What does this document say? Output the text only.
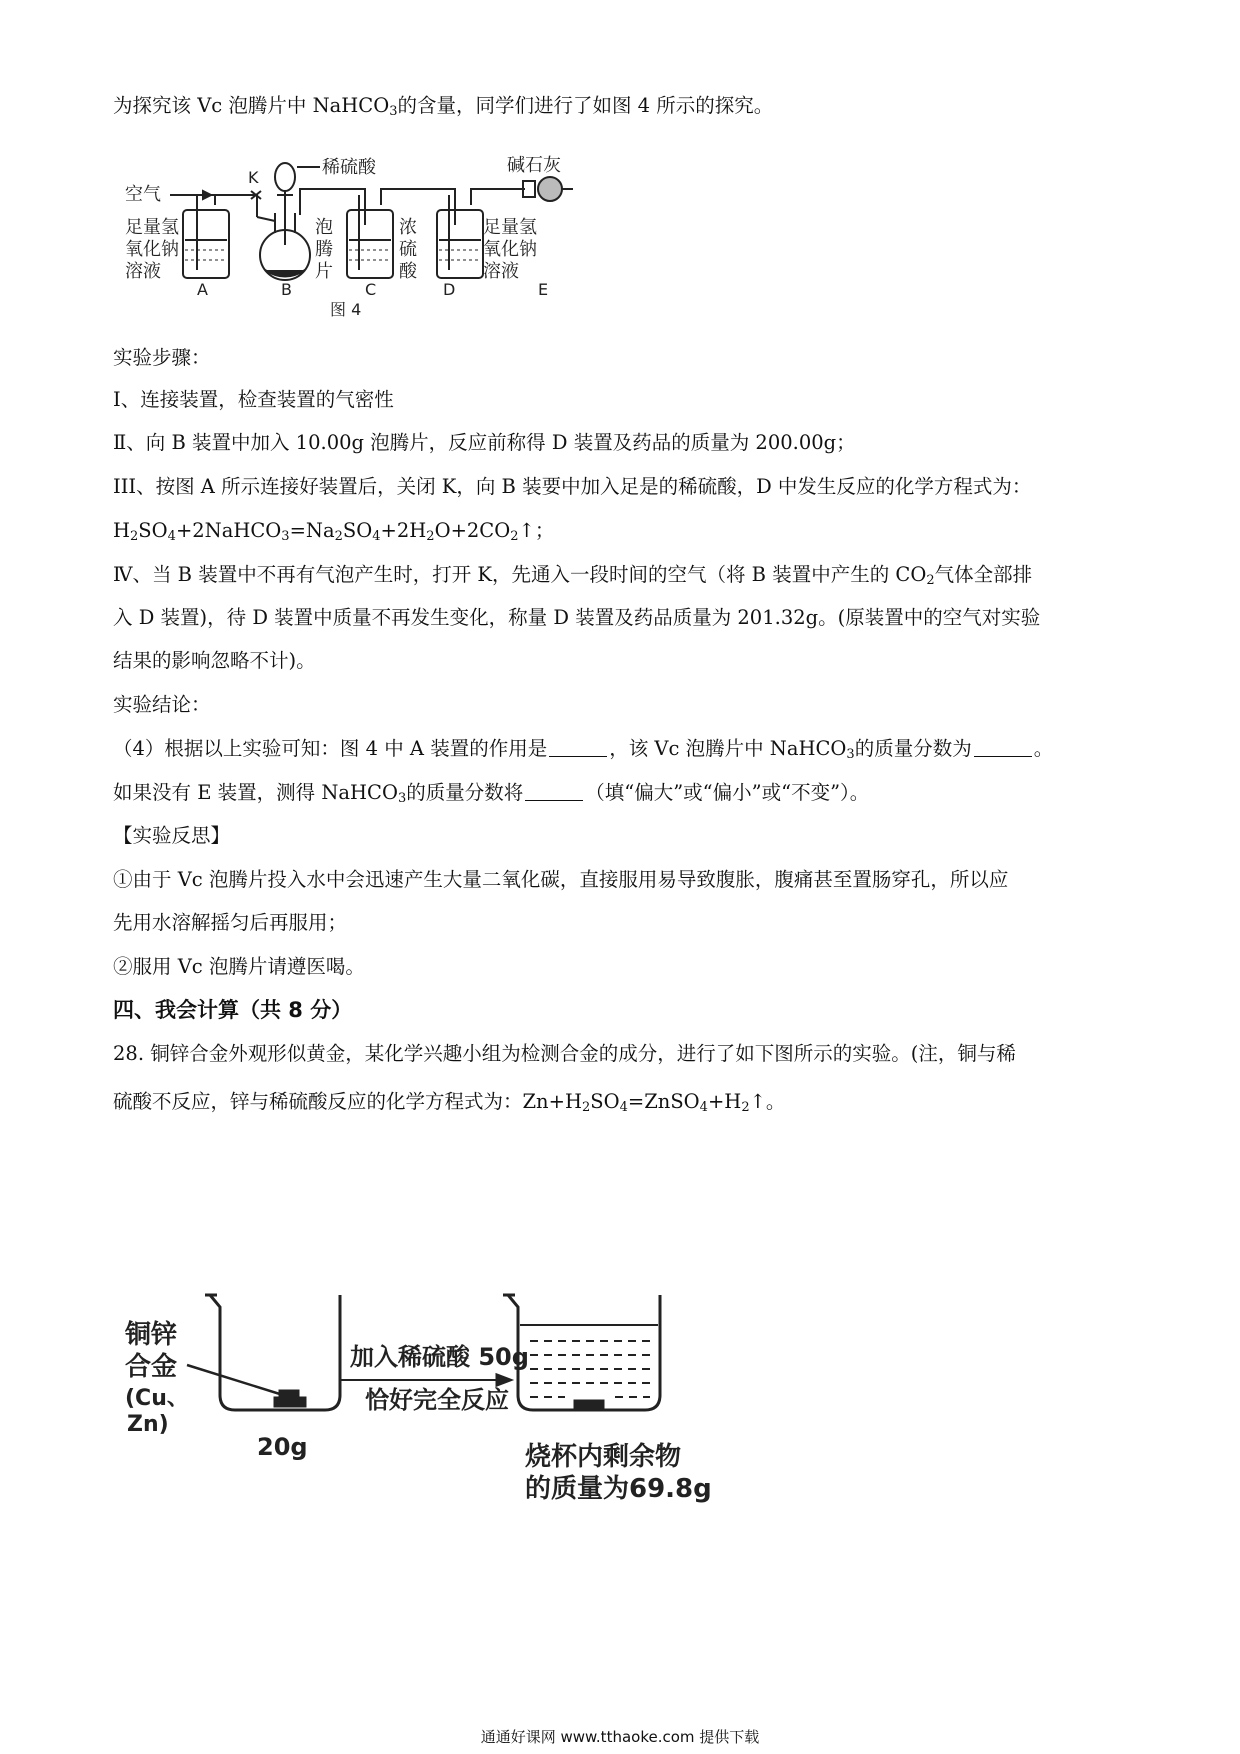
为探究该 Vc 泡腾片中 NaHCO$_3$的含量，同学们进行了如图 4 所示的探究。
空气
K	稀硫酸	碱石灰
足量氢
氧化钠
溶液
泡
腾
片
浓
硫
酸
足量氢
氧化钠
溶液
A	B	C	D	E
图 4
实验步骤：
Ⅰ、连接装置，检查装置的气密性
Ⅱ、向 B 装置中加入 10.00g 泡腾片，反应前称得 D 装置及药品的质量为 200.00g；
III、按图 A 所示连接好装置后，关闭 K，向 B 装要中加入足是的稀硫酸，D 中发生反应的化学方程式为：
$H_2SO_4+2NaHCO_3=Na_2SO_4+2H_2O+2CO_2↑$；
Ⅳ、当 B 装置中不再有气泡产生时，打开 K，先通入一段时间的空气（将 B 装置中产生的 $CO_2$气体全部排
入 D 装置)，待 D 装置中质量不再发生变化，称量 D 装置及药品质量为 201.32g。(原装置中的空气对实验
结果的影响忽略不计)。
实验结论：
（4）根据以上实验可知：图 4 中 A 装置的作用是	，该 Vc 泡腾片中 NaHCO$_3$的质量分数为	。
如果没有 E 装置，测得 NaHCO$_3$的质量分数将	（填“偏大”或“偏小”或“不变”）。
【实验反思】
①由于 Vc 泡腾片投入水中会迅速产生大量二氧化碳，直接服用易导致腹胀，腹痛甚至置肠穿孔，所以应
先用水溶解摇匀后再服用；
②服用 Vc 泡腾片请遵医喝。
四、我会计算（共 8 分）
28. 铜锌合金外观形似黄金，某化学兴趣小组为检测合金的成分，进行了如下图所示的实验。(注，铜与稀
硫酸不反应，锌与稀硫酸反应的化学方程式为：$Zn+H_2SO_4=ZnSO_4+H_2↑$。
铜锌
合金
(Cu、
Zn)
20g
加入稀硫酸 50g
恰好完全反应
烧杯内剩余物
的质量为69.8g
通通好课网 www.tthaoke.com 提供下载
